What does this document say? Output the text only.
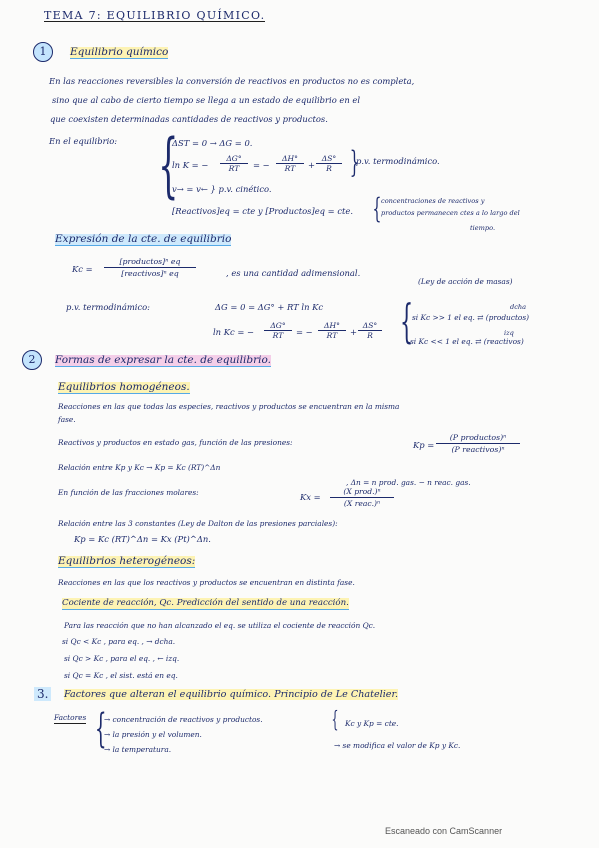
TEMA 7: EQUILIBRIO QUÍMICO.
1	Equilibrio químico
En las reacciones reversibles la conversión de reactivos en productos no es completa,
sino que al cabo de cierto tiempo se llega a un estado de equilibrio en el
que coexisten determinadas cantidades de reactivos y productos.
En el equilibrio: {
ΔST = 0 → ΔG = 0.
ln K = − $\frac{\Delta G^\circ}{RT}$ = − $\frac{\Delta H^\circ}{RT} + \frac{\Delta S^\circ}{R}$ }
p.v. termodinámico.
v→ = v← } p.v. cinético.
[Reactivos]eq = cte y [Productos]eq = cte. { concentraciones de reactivos y
productos permanecen ctes a lo largo del
tiempo.
Expresión de la cte. de equilibrio
Kc =
[productos]ⁿ eq
[reactivos]ⁿ eq	, es una cantidad adimensional.
(Ley de acción de masas)
p.v. termodinámico:	ΔG = 0 = ΔG° + RT ln Kc
ln Kc = − $\frac{\Delta G^\circ}{RT}$ = − $\frac{\Delta H^\circ}{RT} + \frac{\Delta S^\circ}{R}$ {	dcha
si Kc >> 1 el eq. ⇄ (productos)
izq
si Kc << 1 el eq. ⇄ (reactivos)
2	Formas de expresar la cte. de equilibrio.
Equilibrios homogéneos.
Reacciones en las que todas las especies, reactivos y productos se encuentran en la misma
fase.
Reactivos y productos en estado gas, función de las presiones:	Kp =
(P productos)ⁿ
(P reactivos)ⁿ
Relación entre Kp y Kc → Kp = Kc (RT)^Δn
, Δn = n prod. gas. − n reac. gas.
En función de las fracciones molares:	Kx =
(X prod.)ⁿ
(X reac.)ⁿ
Relación entre las 3 constantes (Ley de Dalton de las presiones parciales):
Kp = Kc (RT)^Δn = Kx (Pt)^Δn.
Equilibrios heterogéneos:
Reacciones en las que los reactivos y productos se encuentran en distinta fase.
Cociente de reacción, Qc. Predicción del sentido de una reacción.
Para las reacción que no han alcanzado el eq. se utiliza el cociente de reacción Qc.
si Qc < Kc , para eq. , → dcha.
si Qc > Kc , para el eq. , ← izq.
si Qc = Kc , el sist. está en eq.
3.	Factores que alteran el equilibrio químico. Principio de Le Chatelier.
Factores {
→ concentración de reactivos y productos.
→ la presión y el volumen.
→ la temperatura.
{ Kc y Kp = cte.
→ se modifica el valor de Kp y Kc.
Escaneado con CamScanner
